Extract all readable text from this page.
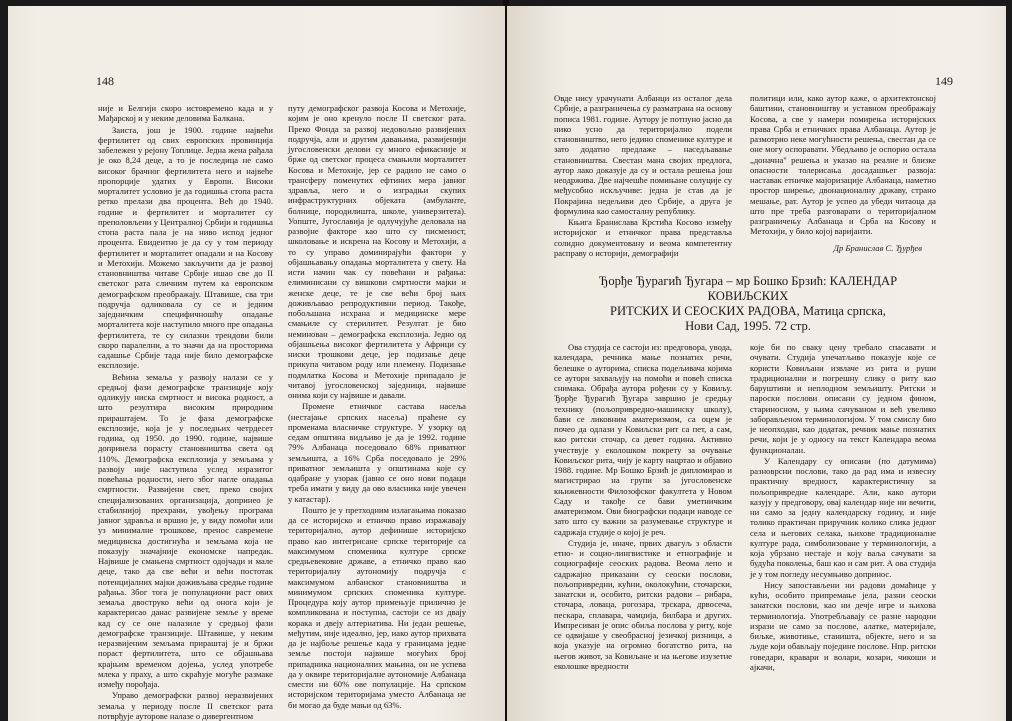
148

није и Белгији скоро истовремено када и у Мађарској и у неким деловима Балкана.

Заиста, још је 1900. године највећи фертилитет од свих европских провинција забележен у рејону Топлице. Једна жена рађала је око 8,24 деце, а то је последица не само високог брачног фертилитета него и највеће пропорције удатих у Европи. Високи морталитет условио је да годишња стопа раста ретко прелази два процента. Већ до 1940. године и фертилитет и морталитет су преполовљени у Централној Србији и годишња стопа раста пала је на ниво испод једног процента. Евидентно је да су у том периоду фертилитет и морталитет опадали и на Косову и Метохији. Можемо закључити да је развој становништва читаве Србије ишао све до II светског рата сличним путем ка европском демографском преображају. Штавише, сва три подручја одликовала су се и једним заједничким специфичношћу опадање морталитета које наступило много пре опадања фертилитета, те су силазни трендови били скоро паралелни, а то значи да на просторима садашње Србије тада није било демографске експлозије.

Већина земаља у развоју налази се у средњој фази демографске транзиције коју одликују ниска смртност и висока родност, а што резултира високим природним прираштајем. То је фаза демографске експлозије, која је у последњих четрдесет година, од 1950. до 1990. године, највише допринела порасту становништва света од 110%. Демографска експлозија у земљама у развоју није наступила услед изразитог повећања родности, него због нагле опадања смртности. Развијени свет, преко својих специјализованих организација, допринео је стабилнијој прехрани, увођењу програма јавног здравља и вршио је, у виду помоћи или уз минималне трошкове, пренос савремене медицинска достигнућа и земљама која не показују значајније економске напредак. Највише је смањена смртност одојчади и мале деце, тако да све већи и већи постотак потенцијалних мајки доживљава средње године рађања. Због тога је популациони раст ових земаља двоструко већи од онога који је карактерисао данас развијене земље у време кад су се оне налазиле у средњој фази демографске транзиције. Штавише, у неким неразвијеним земљама прираштај је и бржи пораст фертилитета, што се објашњава крајњим временом дојења, услед употребе млека у праху, а што скраћује могуће размаке између порођаја.

Управо демографски развој неразвијених земаља у периоду после II светског рата потврђује ауторове налазе о дивергентном

путу демографског развоја Косова и Метохије, којим је оно кренуло после II светског рата. Преко Фонда за развој недовољно развијених подручја, али и другим давањима, развијенији југословенски делови су много ефикасније и брже од светског процеса смањили морталитет Косова и Метохије, јер се радило не само о трансферу поменутих ефтиних мера јавног здравља, него и о изградњи скупих инфраструктурних објеката (амбуланте, болнице, породилишта, школе, универзитета). Уопште, Југославија је одлучујуће деловала на развојне факторе као што су писменост, школовање и искрена на Косову и Метохији, а то су управо доминирајући фактори у објашњавању опадања морталитета у свету. На исти начин чак су повећани и рађања: елиминисани су вишкови смртности мајки и женске деце, те је све већи број њих доживљавао репродуктивни период. Такође, побољшана исхрана и медицинске мере смањиле су стерилитет. Резултат је био неминован – демографска експлозија. Једно од објашњења високог фертилитета у Африци су ниски трошкови деце, јер подизање деце прикупа читавом роду или племену. Подизање подмлатка Косова и Метохије припадало је читавој југословенској заједници, највише онима који су највише и давали.

Промене етничког састава насеља (нестајање српских насеља) праћене су променама власничке структуре. У узорку од седам општина видљиво је да је 1992. године 79% Албанаца поседовало 68% приватног земљишта, а 16% Срба поседовало је 29% приватног земљишта у општинама које су одабране у узорак (јавно се оно нови подаци треба имати у виду да ово власника није увечен у катастар).

Пошто је у претходним излагањима показао да се историјско и етничко право изражавају територијално, аутор дефинише историјско право као интегрисане српске територије са максимумом споменика културе српске средњевековне државе, а етничко право као територијалну аутономију подручја с максимумом албанског становништва и минимумом српских споменика културе. Процедура коју аутор примењује прилично је компликована и поступна, састоји се из двају корака и двеју алтернатива. Ни један решење, међутим, није идеално, јер, иако аутор прихвата да је најбоље решење када у границама једне земље постоји највише могућих број припадника националних мањина, он не успева да у оквире територијалне аутономије Албанаца смести ни 60% ове популације. На српском историјском територијама уместо Албанаца не би могао да буде мањи од 63%.

149

Овде нису урачунати Албанци из осталог дела Србије, а разграничења су разматрана на основу пописа 1981. године. Аутору је потпуно јасно да нико усно да територијално подели становништво, него једино споменике културе и зато додатно предлаже – наседљавање становништва. Свестан мана својих предлога, аутор лако доказује да су и остала решења још неодржива. Две најчешће помињане солуције су међусобно искључиве: једна је став да је Покрајина недељиви део Србије, а друга је формулина као самосталну републику.

Књига Бранислава Крстића Косово између историјског и етничког права представља солидно документовану и веома компетентну расправу о историји, демографији

политици или, како аутор каже, о архитектонској баштини, становништву и уставном преображају Косова, а све у намери помирења историјских права Срба и етничких права Албанаца. Аутор је размотрио неке могућности решења, свестан да се оне могу оспоравати. Убедљиво је оспорио остала „доначна" решења и указао на реалне и близке опасности толерисања досадашњег развоја: наставак етничке маjоризације Албанаца, наметно простор ширење, двонационалну државу, страно мешање, рат. Аутор је успео да убеди читаоца да што пре треба разговарати о територијалном разграничењу Албанаца и Срба на Косову и Метохији, у било којој варијанти.

Др Бранислав С. Ђурђев
Ђорђе Ђурагић Ђугара – мр Бошко Брзић: КАЛЕНДАР КОВИЉСКИХ
РИТСКИХ И СЕОСКИХ РАДОВА, Матица српска,
Нови Сад, 1995. 72 стр.

Ова студија се састоји из: предговора, увода, календара, речника мање познатих речи, белешке о ауторима, списка подељивача којима се аутори захваљују на помоћи и повећ списка снимака. Обрађа аутора рођени су у Ковиљу. Ђорђе Ђурагић Ђугара завршио је средњу технику (пољопривредно-машинску школу), бави се ликовним аматеризмом, са оцем је почео да одлази у Ковиљски рит са пет, а сам, као ритски сточар, са девет година. Активно учествује у еколошком покрету за очување Ковиљског рита, чију је карту нацртао и објавио 1988. године. Мр Бошко Брзић је дипломирао и магистрирао на групи за југословенске књижевности Филозофског факултета у Новом Саду и такође се бави уметничким аматеризмом. Ови биографски подаци наводе се зато што су важни за разумевање структуре и садржаја студије о којој је реч.

Студија је, иначе, првих двагуљ з области етно- и социо-лингвистике и етнографије и социографије сеоских радова. Веома лепо и садржајно приказани су сеоски послови, пољопривредни, кућни, околокућни, сточарски, занатски и, особито, ритски радови – рибара, сточара, ловаца, рогозара, трскара, дрвосеча, пескара, сплавара, чамџија, билбара и других. Импресиван је опис обиља послова у риту, које се одвијаше у свеобрасној језичкој ризници, а која указује на огромно богатство рита, на његов живот, за Ковиљане и на његове изузетне еколошке вредности

које би по сваку цену требало спасавати и очувати. Студија упечатљиво показује које се користи Ковиљани извлаче из рита и руши традиционални и погрешну слику о риту као баруштини и неплодном земљишту. Ритски и пароски послови описани су једном фином, стариносном, у њима сачуваном и већ увелико заборављеном терминологијом. У том смислу био је неопходан, као додатак, речник мање познатих речи, који је у односу на текст Календара веома функционалан.

У Календару су описани (по датумима) разноврсни послови, тако да рад има и извесну практичну вредност, карактеристичну за пољопривредне календаре. Али, како аутори казују у предговору, овај календар није ни вечити, ни само за једну календарску годину, и није толико практичан приручник колико слика једног села и његових селака, њихове традиционалне културе рада, симболизоване у терминологији, а која убрзано нестаје и коју ваља сачувати за будућа поколења, баш као и сам рит. А ова студија је у том погледу несумњиво допринос.

Нису запостављени ни радови домаћице у кући, особито припремање јела, разни сеоски занатски послови, као ни дечје игре и њихова терминологија. Употребљавају се разне народни изрази не само за послове, алатке, материјале, биљке, животиње, станишта, објекте, него и за људе који обављају поједине послове. Нпр. ритски говедари, кравари и волари, козари, чикоши и ајкачи,
